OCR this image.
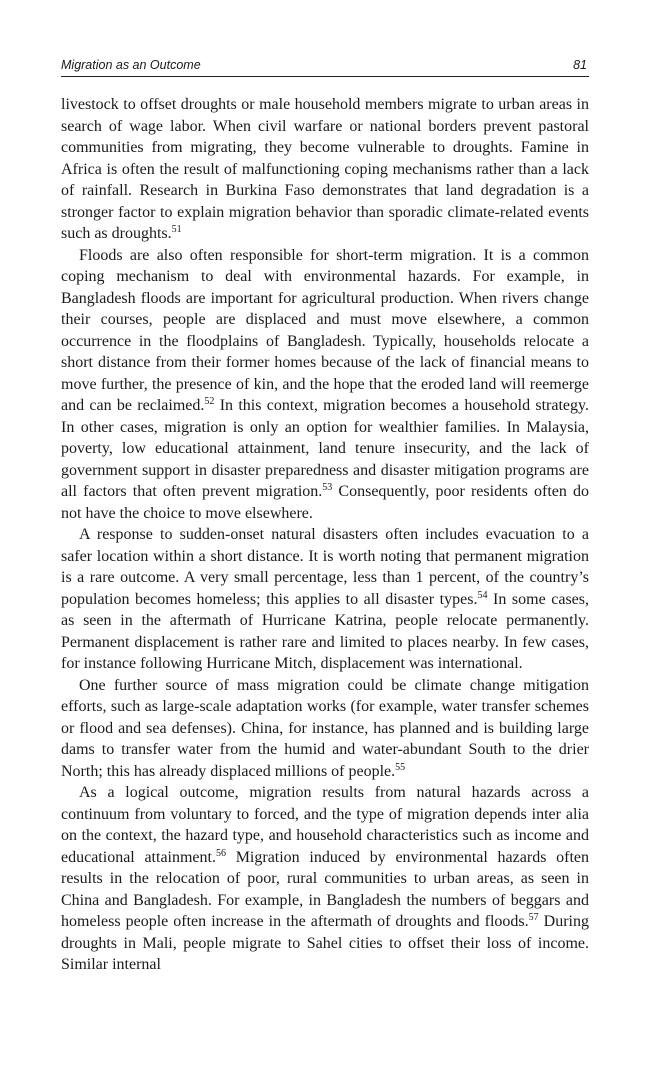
Migration as an Outcome	81

livestock to offset droughts or male household members migrate to urban areas in search of wage labor. When civil warfare or national borders prevent pastoral communities from migrating, they become vulnerable to droughts. Famine in Africa is often the result of malfunctioning coping mechanisms rather than a lack of rainfall. Research in Burkina Faso demonstrates that land degradation is a stronger factor to explain migration behavior than sporadic climate-related events such as droughts.$^{51}$

Floods are also often responsible for short-term migration. It is a common coping mechanism to deal with environmental hazards. For example, in Bangladesh floods are important for agricultural production. When rivers change their courses, people are displaced and must move elsewhere, a common occurrence in the floodplains of Bangladesh. Typically, households relocate a short distance from their former homes because of the lack of financial means to move further, the presence of kin, and the hope that the eroded land will reemerge and can be reclaimed.$^{52}$ In this context, migration becomes a household strategy. In other cases, migration is only an option for wealthier families. In Malaysia, poverty, low educational attainment, land tenure insecurity, and the lack of government support in disaster preparedness and disaster mitigation programs are all factors that often prevent migration.$^{53}$ Consequently, poor residents often do not have the choice to move elsewhere.

A response to sudden-onset natural disasters often includes evacuation to a safer location within a short distance. It is worth noting that permanent migration is a rare outcome. A very small percentage, less than 1 percent, of the country’s population becomes homeless; this applies to all disaster types.$^{54}$ In some cases, as seen in the aftermath of Hurricane Katrina, people relocate permanently. Permanent displacement is rather rare and limited to places nearby. In few cases, for instance following Hurricane Mitch, displacement was international.

One further source of mass migration could be climate change mitigation efforts, such as large-scale adaptation works (for example, water transfer schemes or flood and sea defenses). China, for instance, has planned and is building large dams to transfer water from the humid and water-abundant South to the drier North; this has already displaced millions of people.$^{55}$

As a logical outcome, migration results from natural hazards across a continuum from voluntary to forced, and the type of migration depends inter alia on the context, the hazard type, and household characteristics such as income and educational attainment.$^{56}$ Migration induced by environmental hazards often results in the relocation of poor, rural communities to urban areas, as seen in China and Bangladesh. For example, in Bangladesh the numbers of beggars and homeless people often increase in the aftermath of droughts and floods.$^{57}$ During droughts in Mali, people migrate to Sahel cities to offset their loss of income. Similar internal
